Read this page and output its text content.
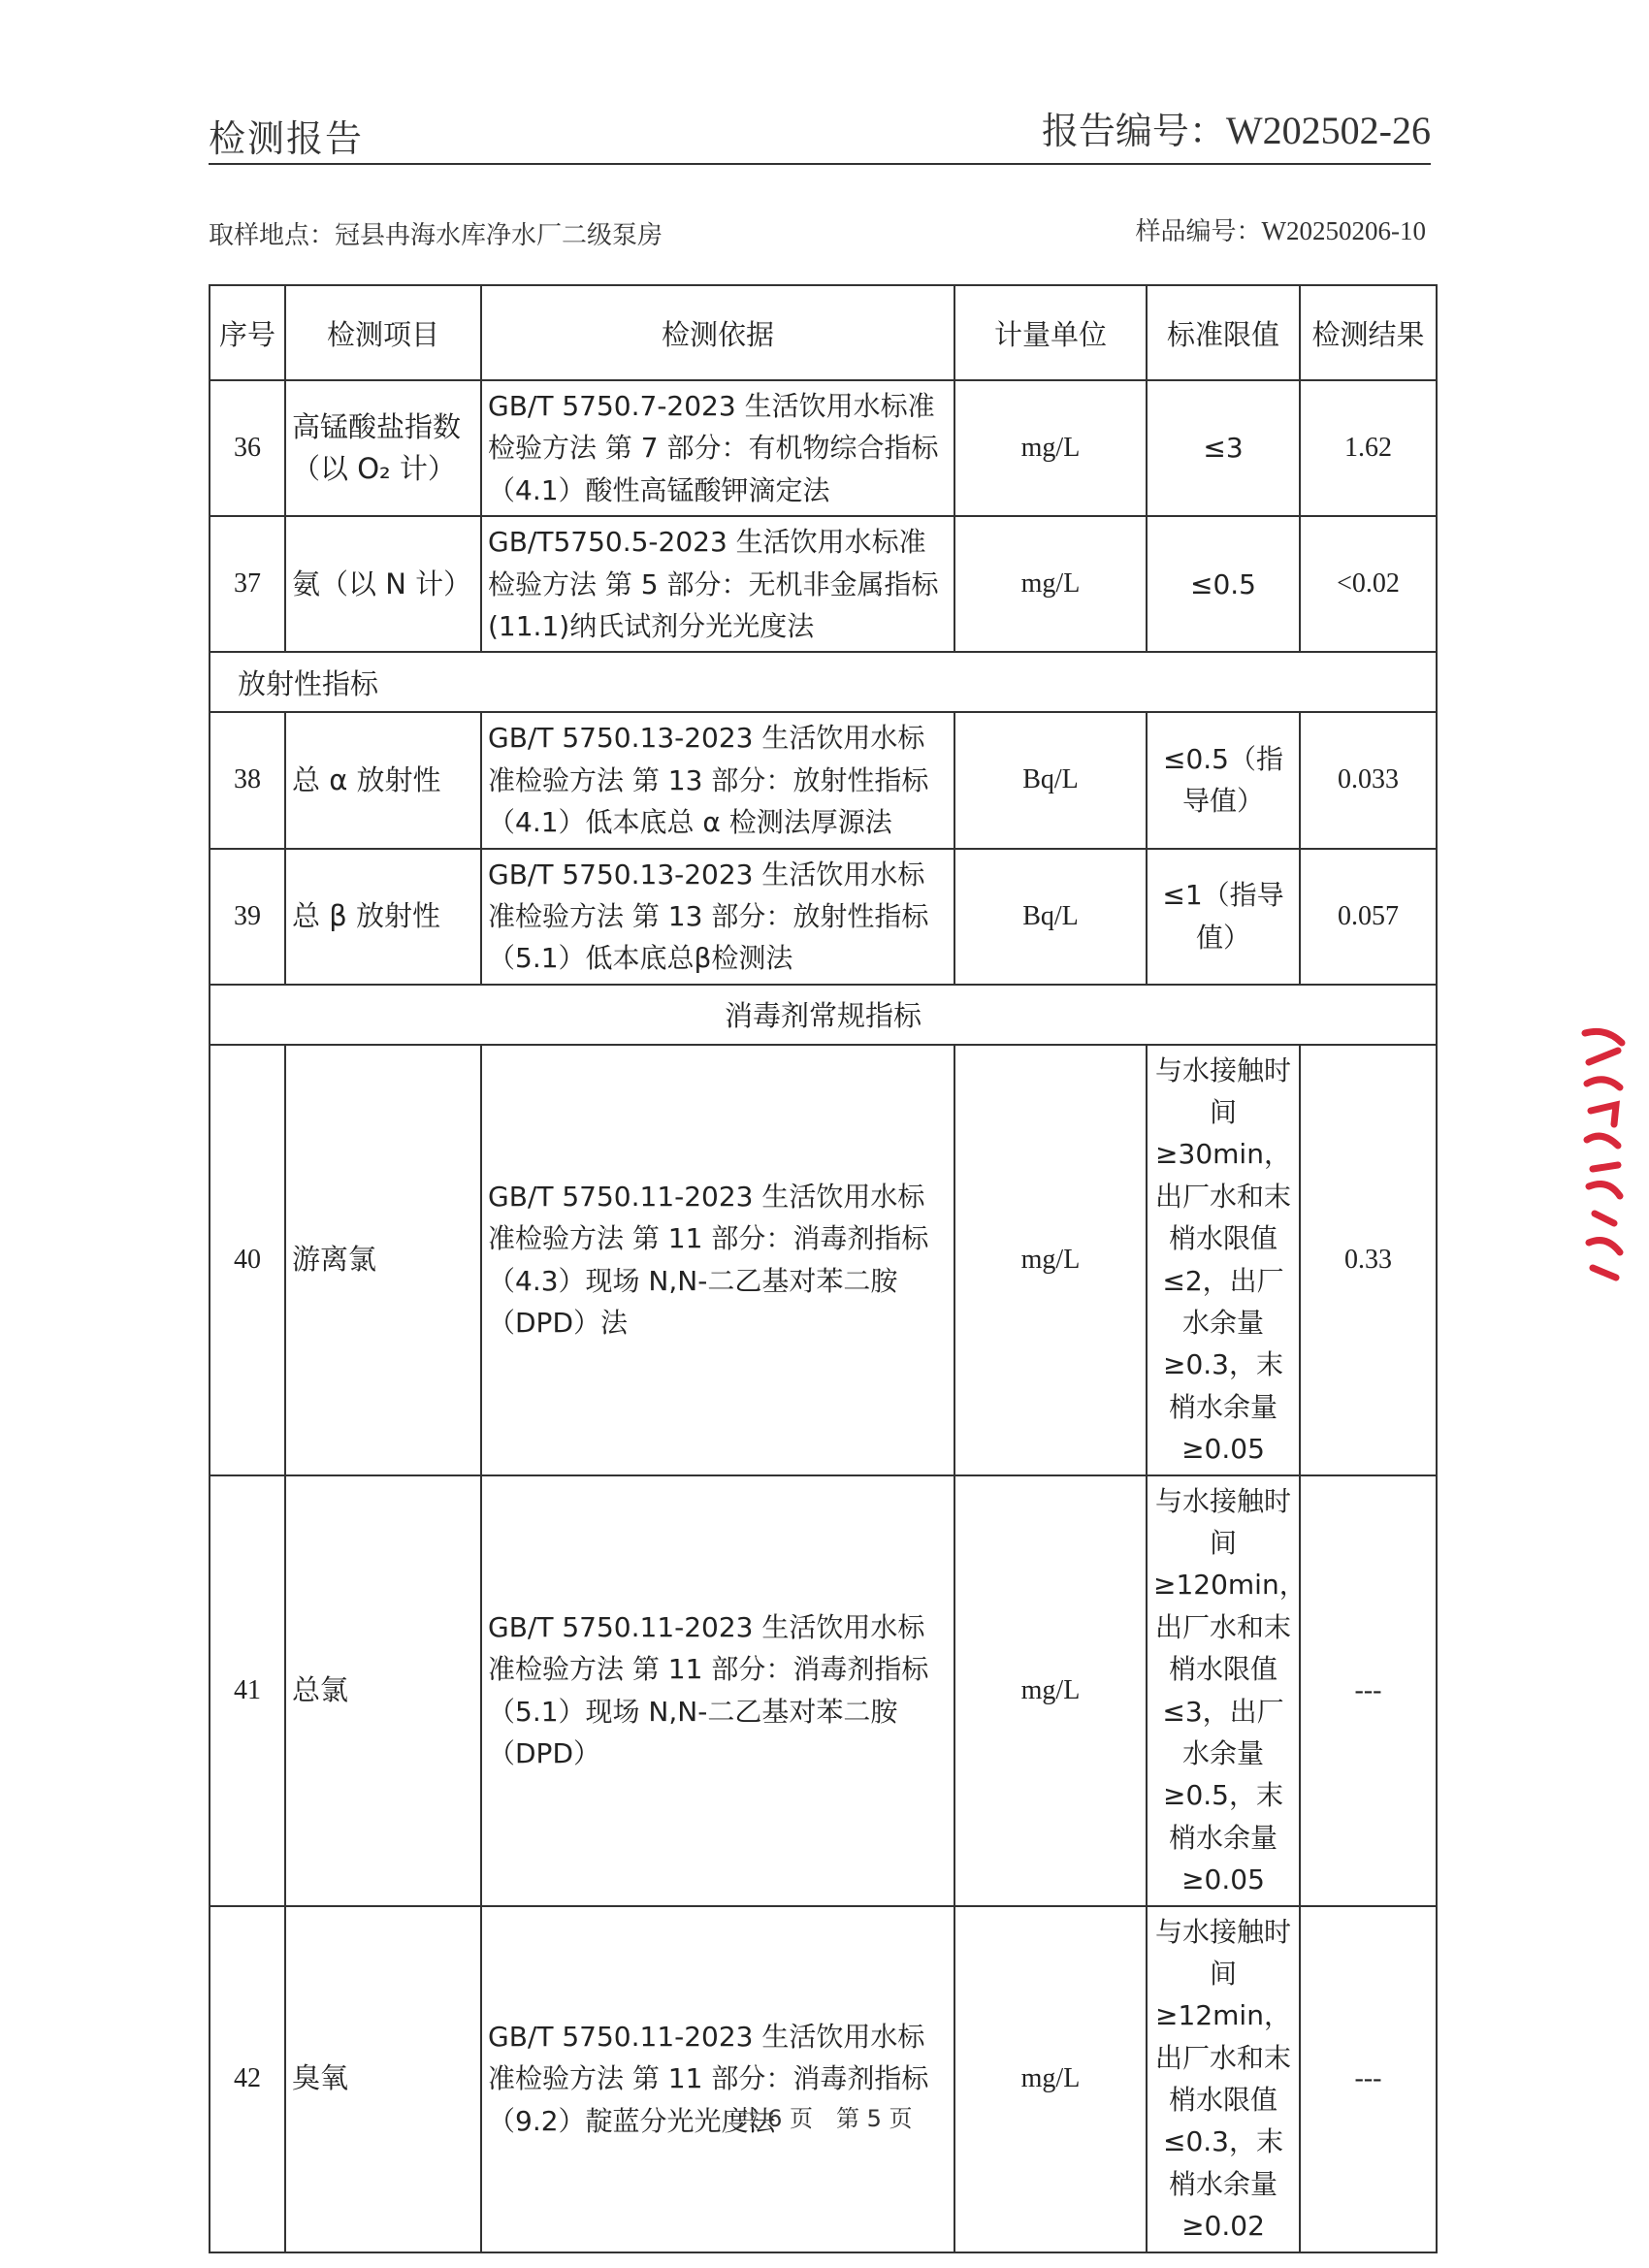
检测报告	报告编号：W202502-26
取样地点：冠县冉海水库净水厂二级泵房	样品编号：W20250206-10
序号	检测项目	检测依据	计量单位	标准限值	检测结果
36	高锰酸盐指数（以 O₂ 计）	GB/T 5750.7-2023 生活饮用水标准检验方法 第 7 部分：有机物综合指标（4.1）酸性高锰酸钾滴定法	mg/L	≤3	1.62
37	氨（以 N 计）	GB/T5750.5-2023 生活饮用水标准检验方法 第 5 部分：无机非金属指标(11.1)纳氏试剂分光光度法	mg/L	≤0.5	<0.02
放射性指标					
38	总 α 放射性	GB/T 5750.13-2023 生活饮用水标准检验方法 第 13 部分：放射性指标（4.1）低本底总 α 检测法厚源法	Bq/L	≤0.5（指导值）	0.033
39	总 β 放射性	GB/T 5750.13-2023 生活饮用水标准检验方法 第 13 部分：放射性指标（5.1）低本底总β检测法	Bq/L	≤1（指导值）	0.057
消毒剂常规指标					
40	游离氯	GB/T 5750.11-2023 生活饮用水标准检验方法 第 11 部分：消毒剂指标（4.3）现场 N,N-二乙基对苯二胺（DPD）法	mg/L	与水接触时间≥30min，出厂水和末梢水限值≤2，出厂水余量≥0.3，末梢水余量≥0.05	0.33
41	总氯	GB/T 5750.11-2023 生活饮用水标准检验方法 第 11 部分：消毒剂指标（5.1）现场 N,N-二乙基对苯二胺（DPD）	mg/L	与水接触时间≥120min，出厂水和末梢水限值≤3，出厂水余量≥0.5，末梢水余量≥0.05	---
42	臭氧	GB/T 5750.11-2023 生活饮用水标准检验方法 第 11 部分：消毒剂指标（9.2）靛蓝分光光度法	mg/L	与水接触时间≥12min，出厂水和末梢水限值≤0.3，末梢水余量≥0.02	---
共 6 页　第 5 页
